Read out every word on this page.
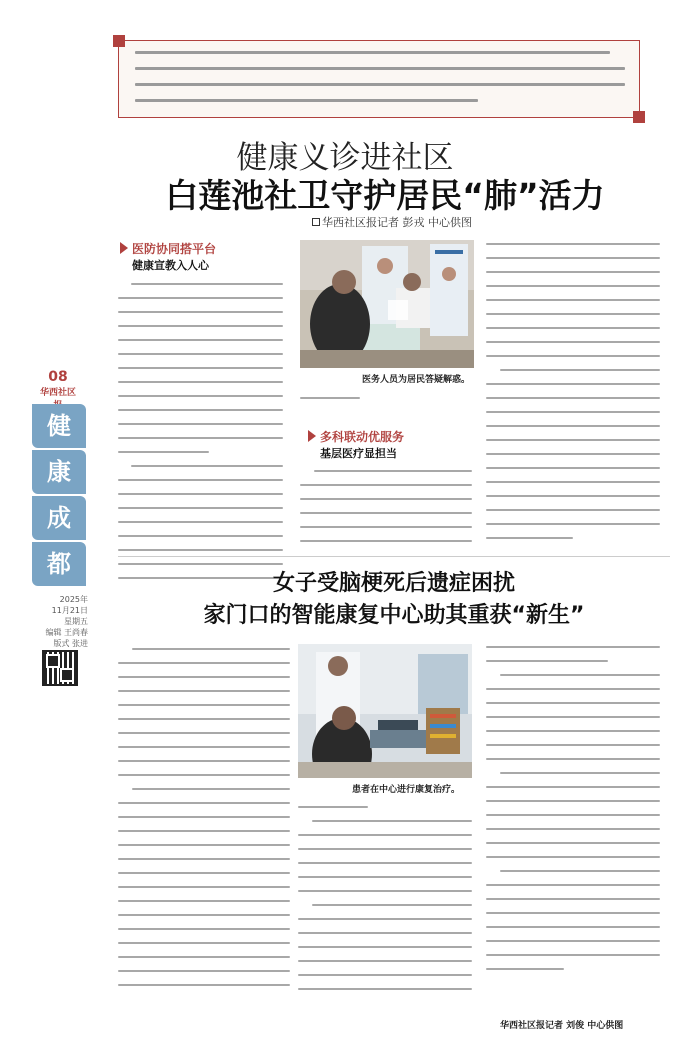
健康义诊进社区
白莲池社卫守护居民“肺”活力
华西社区报记者 彭戎 中心供图
08
华西社区
健
康
成
都
2025年
11月21日
星期五
编辑 王尚春
版式 张进
医防协同搭平台
健康宣教入人心
医务人员为居民答疑解惑。
多科联动优服务
基层医疗显担当
女子受脑梗死后遗症困扰
家门口的智能康复中心助其重获“新生”
患者在中心进行康复治疗。
华西社区报记者 刘俊 中心供图
